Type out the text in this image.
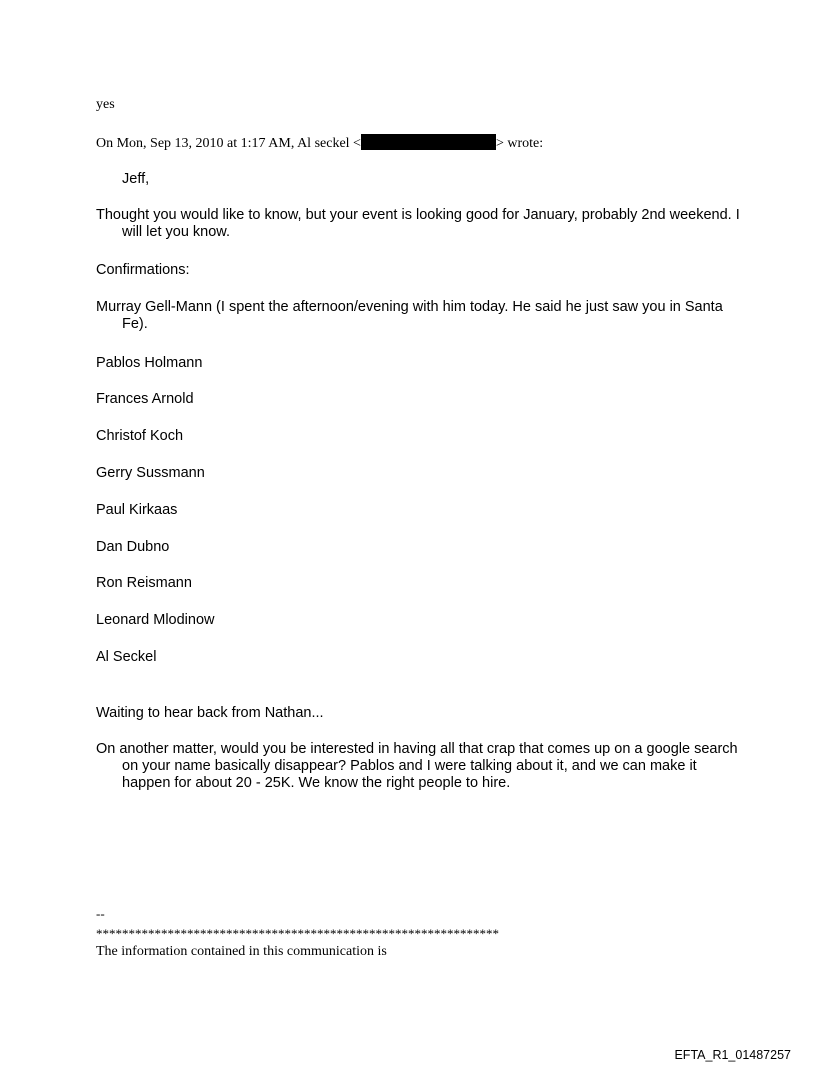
yes
On Mon, Sep 13, 2010 at 1:17 AM, Al seckel <	> wrote:
Jeff,
Thought you would like to know, but your event is looking good for January, probably 2nd weekend. I will let you know.
Confirmations:
Murray Gell-Mann (I spent the afternoon/evening with him today. He said he just saw you in Santa Fe).
Pablos Holmann
Frances Arnold
Christof Koch
Gerry Sussmann
Paul Kirkaas
Dan Dubno
Ron Reismann
Leonard Mlodinow
Al Seckel
Waiting to hear back from Nathan...
On another matter, would you be interested in having all that crap that comes up on a google search on your name basically disappear? Pablos and I were talking about it, and we can make it happen for about 20 - 25K. We know the right people to hire.
--
**************************************************************
The information contained in this communication is
EFTA_R1_01487257
